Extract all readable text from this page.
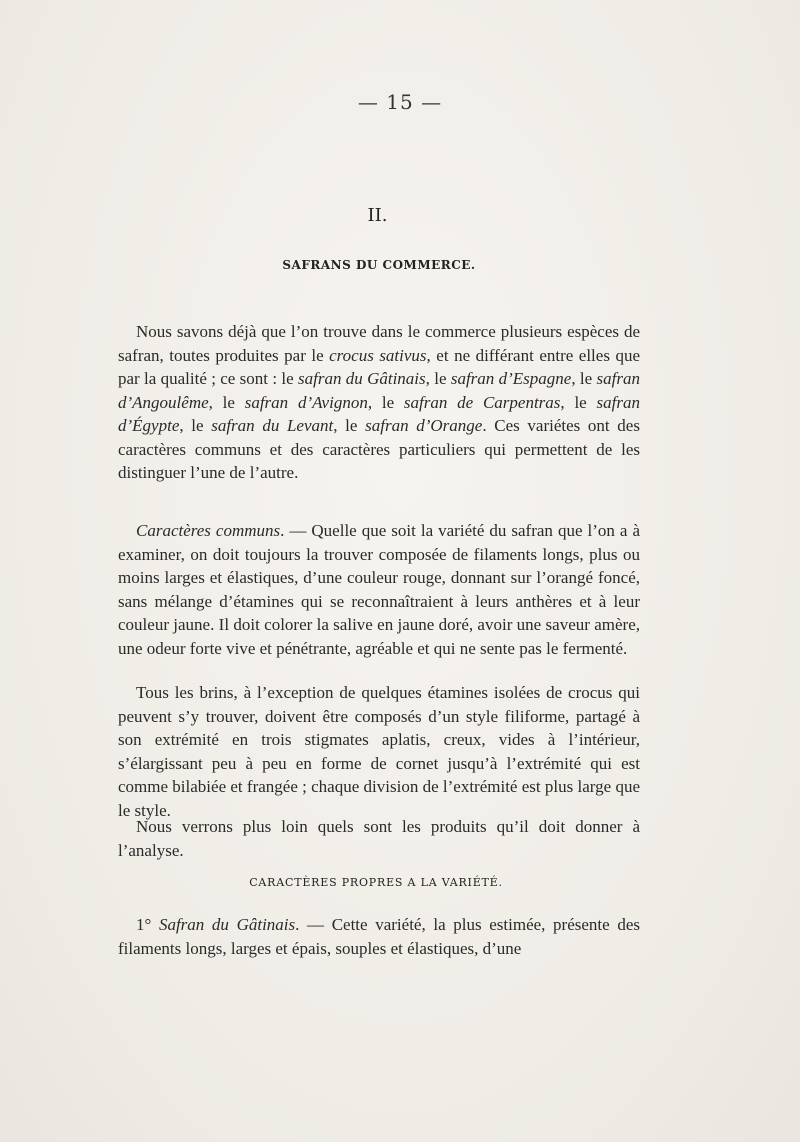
— 15 —
II.
SAFRANS DU COMMERCE.

Nous savons déjà que l’on trouve dans le commerce plusieurs espèces de safran, toutes produites par le crocus sativus, et ne différant entre elles que par la qualité ; ce sont : le safran du Gâtinais, le safran d’Espagne, le safran d’Angoulême, le safran d’Avignon, le safran de Carpentras, le safran d’Égypte, le safran du Levant, le safran d’Orange. Ces variétes ont des caractères communs et des caractères particuliers qui permettent de les distinguer l’une de l’autre.

Caractères communs. — Quelle que soit la variété du safran que l’on a à examiner, on doit toujours la trouver composée de filaments longs, plus ou moins larges et élastiques, d’une couleur rouge, donnant sur l’orangé foncé, sans mélange d’étamines qui se reconnaîtraient à leurs anthères et à leur couleur jaune. Il doit colorer la salive en jaune doré, avoir une saveur amère, une odeur forte vive et pénétrante, agréable et qui ne sente pas le fermenté.

Tous les brins, à l’exception de quelques étamines isolées de crocus qui peuvent s’y trouver, doivent être composés d’un style filiforme, partagé à son extrémité en trois stigmates aplatis, creux, vides à l’intérieur, s’élargissant peu à peu en forme de cornet jusqu’à l’extrémité qui est comme bilabiée et frangée ; chaque division de l’extrémité est plus large que le style.

Nous verrons plus loin quels sont les produits qu’il doit donner à l’analyse.

CARACTÈRES PROPRES A LA VARIÉTÉ.

1° Safran du Gâtinais. — Cette variété, la plus estimée, présente des filaments longs, larges et épais, souples et élastiques, d’une
